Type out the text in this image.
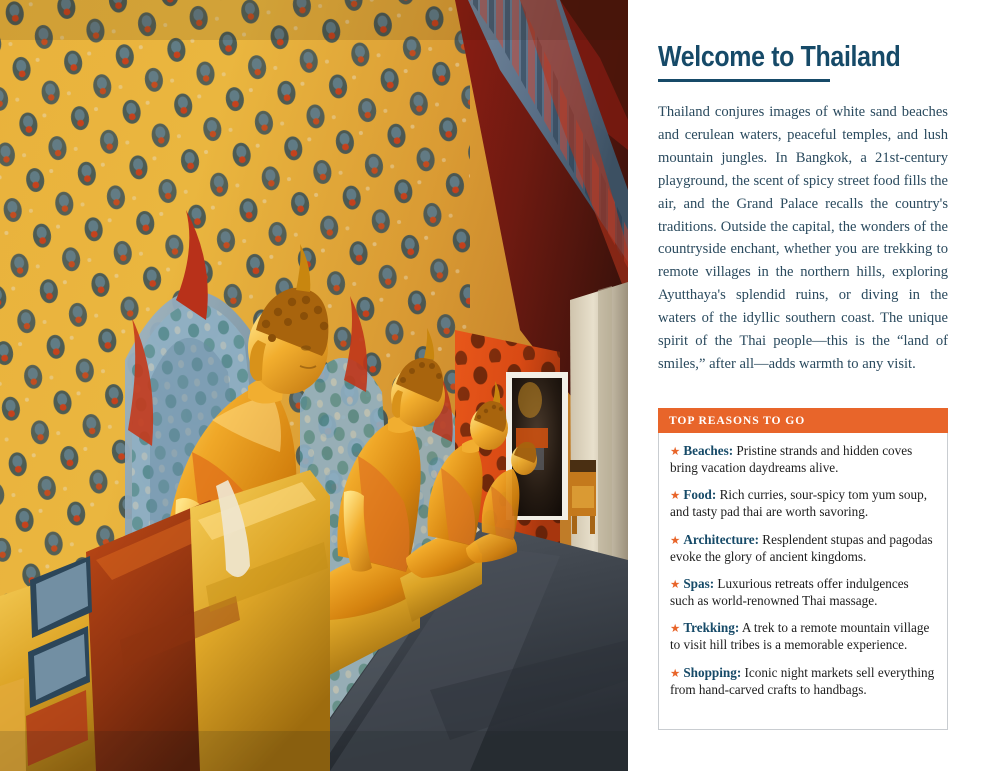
Welcome to Thailand

Thailand conjures images of white sand beaches and cerulean waters, peaceful temples, and lush mountain jungles. In Bangkok, a 21st-century playground, the scent of spicy street food fills the air, and the Grand Palace recalls the country's traditions. Outside the capital, the wonders of the countryside enchant, whether you are trekking to remote villages in the northern hills, exploring Ayutthaya's splendid ruins, or diving in the waters of the idyllic southern coast. The unique spirit of the Thai people—this is the “land of smiles,” after all—adds warmth to any visit.

TOP REASONS TO GO
★ Beaches: Pristine strands and hidden coves bring vacation daydreams alive.
★ Food: Rich curries, sour-spicy tom yum soup, and tasty pad thai are worth savoring.
★ Architecture: Resplendent stupas and pagodas evoke the glory of ancient kingdoms.
★ Spas: Luxurious retreats offer indulgences such as world-renowned Thai massage.
★ Trekking: A trek to a remote mountain village to visit hill tribes is a memorable experience.
★ Shopping: Iconic night markets sell everything from hand-carved crafts to handbags.
